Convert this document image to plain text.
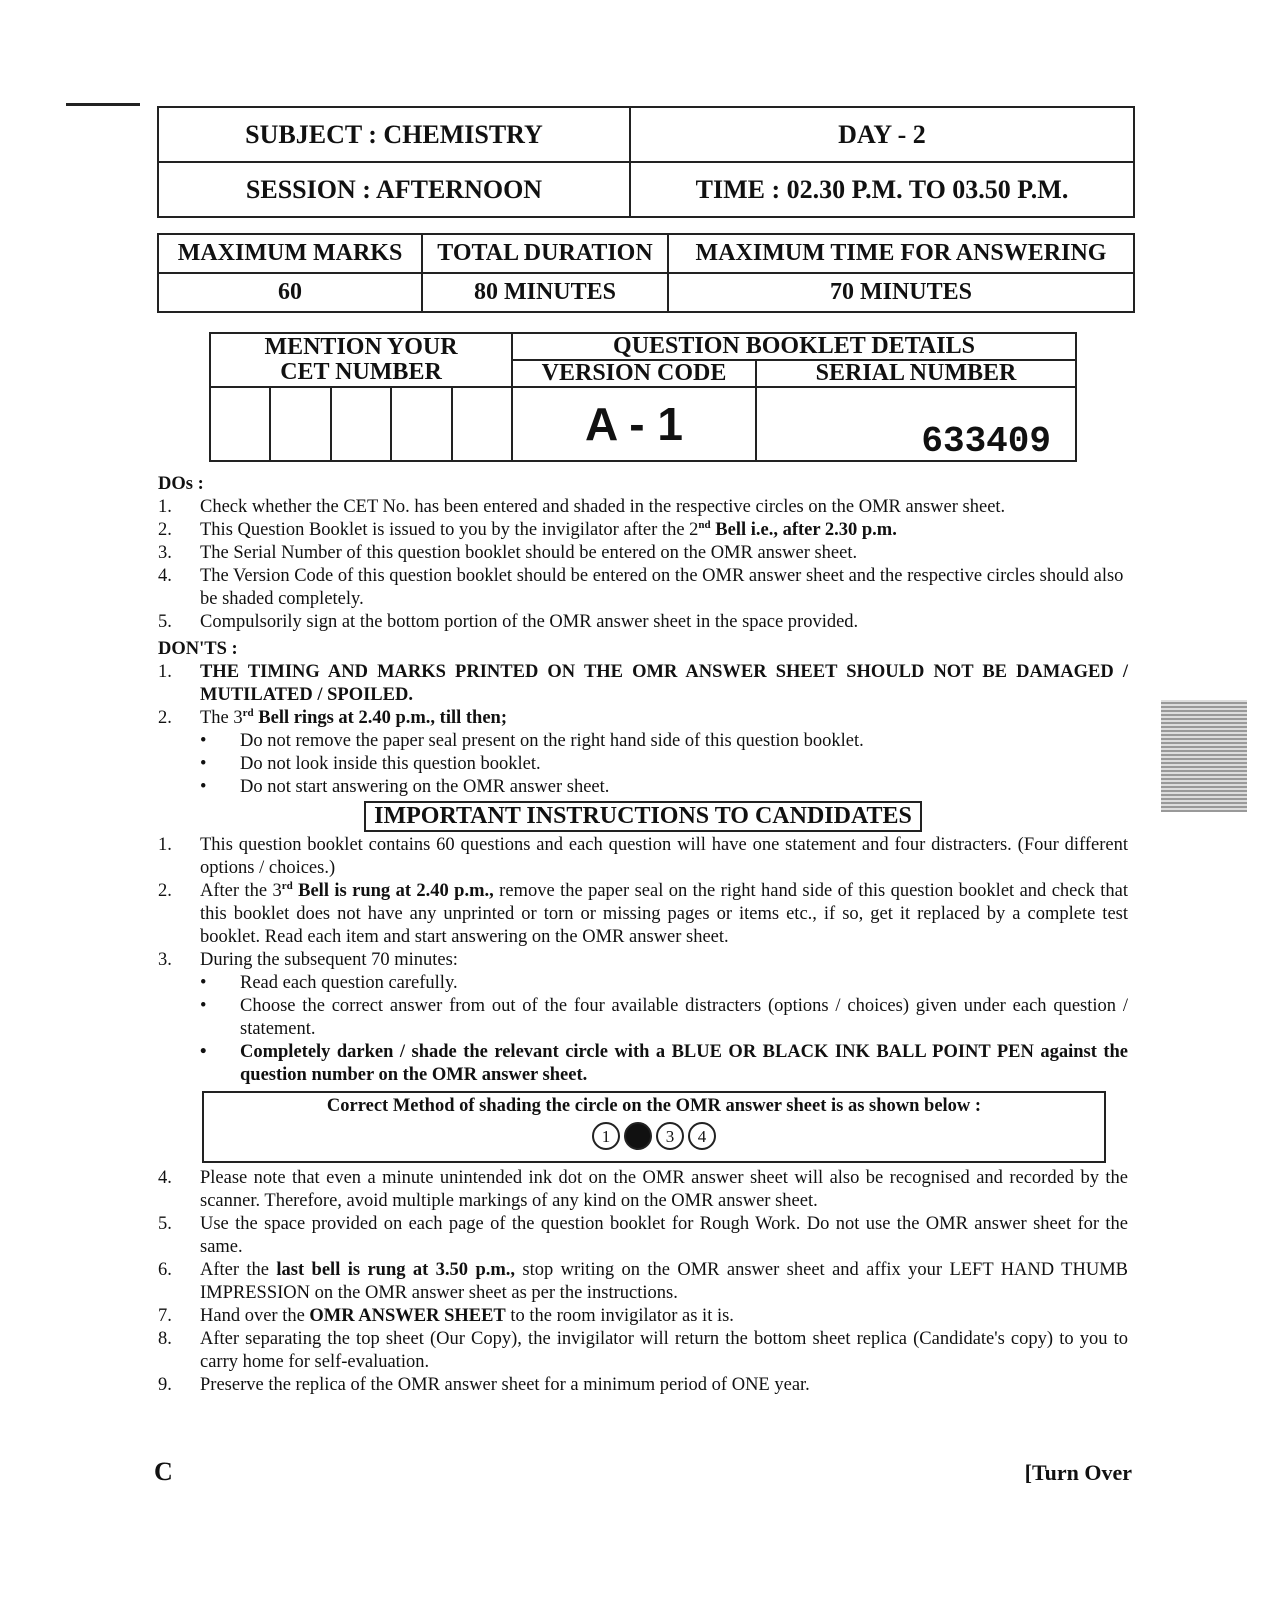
SUBJECT : CHEMISTRY	DAY - 2
SESSION : AFTERNOON	TIME : 02.30 P.M. TO 03.50 P.M.
MAXIMUM MARKS	TOTAL DURATION	MAXIMUM TIME FOR ANSWERING
60	80 MINUTES	70 MINUTES
MENTION YOUR
CET NUMBER	QUESTION BOOKLET DETAILS	
	VERSION CODE	SERIAL NUMBER

	A - 1	633409
DOs :
1. Check whether the CET No. has been entered and shaded in the respective circles on the OMR answer sheet.
2. This Question Booklet is issued to you by the invigilator after the 2nd Bell i.e., after 2.30 p.m.
3. The Serial Number of this question booklet should be entered on the OMR answer sheet.
4. The Version Code of this question booklet should be entered on the OMR answer sheet and the respective circles should also be shaded completely.
5. Compulsorily sign at the bottom portion of the OMR answer sheet in the space provided.
DON'TS :
1. THE TIMING AND MARKS PRINTED ON THE OMR ANSWER SHEET SHOULD NOT BE DAMAGED / MUTILATED / SPOILED.
2. The 3rd Bell rings at 2.40 p.m., till then;
• Do not remove the paper seal present on the right hand side of this question booklet.
• Do not look inside this question booklet.
• Do not start answering on the OMR answer sheet.
IMPORTANT INSTRUCTIONS TO CANDIDATES
1. This question booklet contains 60 questions and each question will have one statement and four distracters. (Four different options / choices.)
2. After the 3rd Bell is rung at 2.40 p.m., remove the paper seal on the right hand side of this question booklet and check that this booklet does not have any unprinted or torn or missing pages or items etc., if so, get it replaced by a complete test booklet. Read each item and start answering on the OMR answer sheet.
3. During the subsequent 70 minutes:
• Read each question carefully.
• Choose the correct answer from out of the four available distracters (options / choices) given under each question / statement.
• Completely darken / shade the relevant circle with a BLUE OR BLACK INK BALL POINT PEN against the question number on the OMR answer sheet.
Correct Method of shading the circle on the OMR answer sheet is as shown below :
1	3	4
4. Please note that even a minute unintended ink dot on the OMR answer sheet will also be recognised and recorded by the scanner. Therefore, avoid multiple markings of any kind on the OMR answer sheet.
5. Use the space provided on each page of the question booklet for Rough Work. Do not use the OMR answer sheet for the same.
6. After the last bell is rung at 3.50 p.m., stop writing on the OMR answer sheet and affix your LEFT HAND THUMB IMPRESSION on the OMR answer sheet as per the instructions.
7. Hand over the OMR ANSWER SHEET to the room invigilator as it is.
8. After separating the top sheet (Our Copy), the invigilator will return the bottom sheet replica (Candidate's copy) to you to carry home for self-evaluation.
9. Preserve the replica of the OMR answer sheet for a minimum period of ONE year.
C	[Turn Over
